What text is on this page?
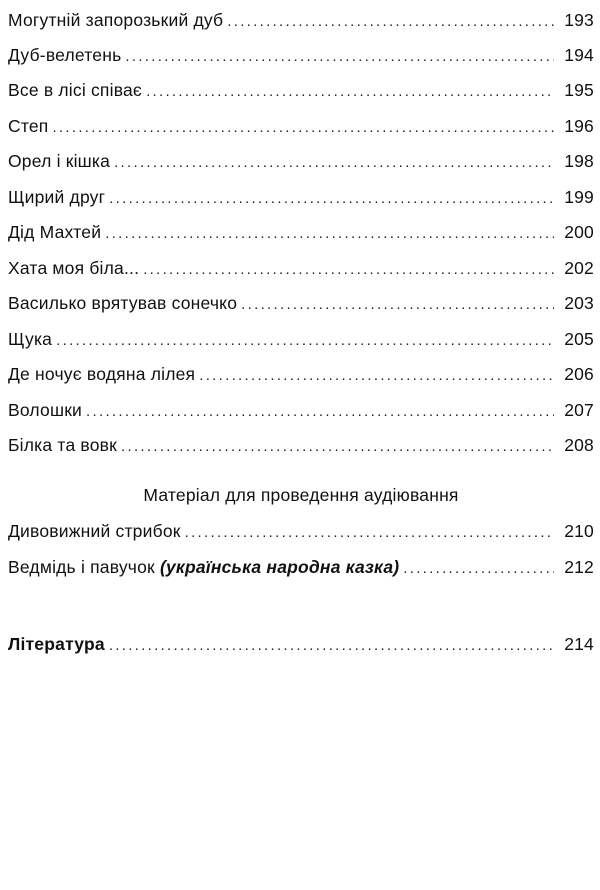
Могутній запорозький дуб .....	193
Дуб-велетень .....	194
Все в лісі співає .....	195
Степ .....	196
Орел і кішка .....	198
Щирий друг .....	199
Дід Махтей .....	200
Хата моя біла... .....	202
Василько врятував сонечко .....	203
Щука .....	205
Де ночує водяна лілея .....	206
Волошки .....	207
Білка та вовк .....	208
Матеріал для проведення аудіювання
Дивовижний стрибок .....	210
Ведмідь і павучок (українська народна казка) .....	212
Література .....	214
